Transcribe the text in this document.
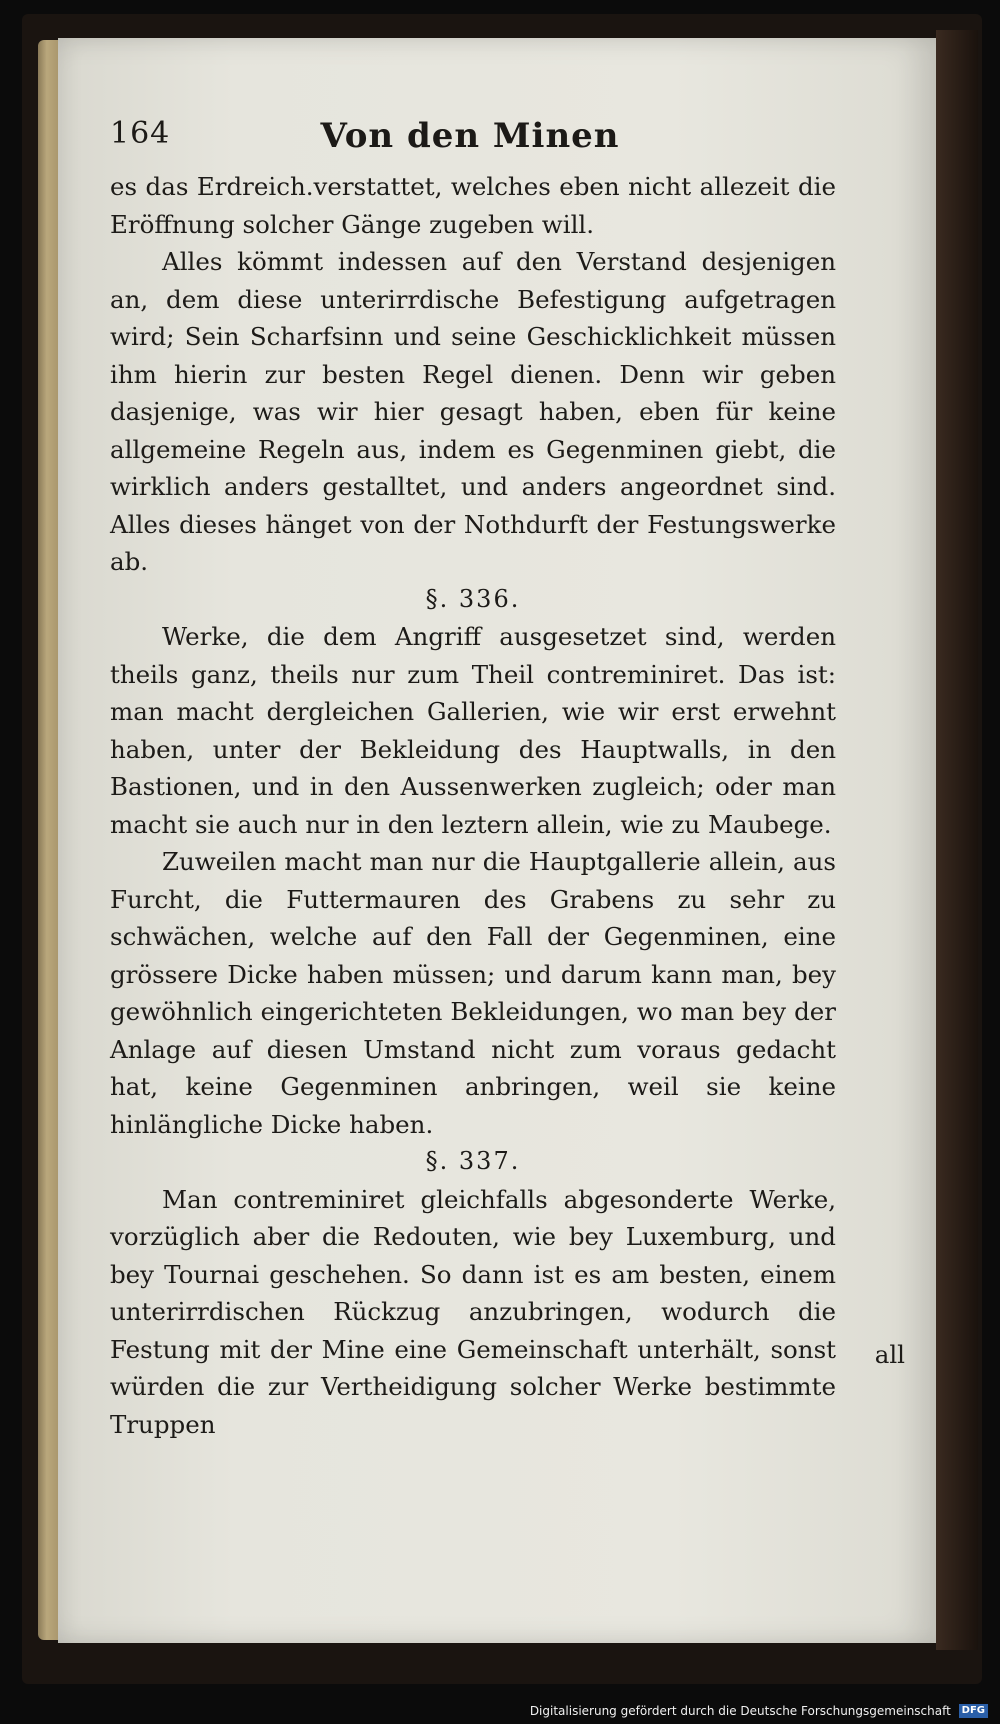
164	Von den Minen

es das Erdreich.verstattet, welches eben nicht allezeit die Eröffnung solcher Gänge zugeben will.

Alles kömmt indessen auf den Verstand desjenigen an, dem diese unterirrdische Befestigung aufgetragen wird; Sein Scharfsinn und seine Geschicklichkeit müssen ihm hierin zur besten Regel dienen. Denn wir geben dasjenige, was wir hier gesagt haben, eben für keine allgemeine Regeln aus, indem es Gegenminen giebt, die wirklich anders gestalltet, und anders angeordnet sind. Alles dieses hänget von der Nothdurft der Festungswerke ab.

§. 336.

Werke, die dem Angriff ausgesetzet sind, werden theils ganz, theils nur zum Theil contreminiret. Das ist: man macht dergleichen Gallerien, wie wir erst erwehnt haben, unter der Bekleidung des Hauptwalls, in den Bastionen, und in den Aussenwerken zugleich; oder man macht sie auch nur in den leztern allein, wie zu Maubege.

Zuweilen macht man nur die Hauptgallerie allein, aus Furcht, die Futtermauren des Grabens zu sehr zu schwächen, welche auf den Fall der Gegenminen, eine grössere Dicke haben müssen; und darum kann man, bey gewöhnlich eingerichteten Bekleidungen, wo man bey der Anlage auf diesen Umstand nicht zum voraus gedacht hat, keine Gegenminen anbringen, weil sie keine hinlängliche Dicke haben.

§. 337.

Man contreminiret gleichfalls abgesonderte Werke, vorzüglich aber die Redouten, wie bey Luxemburg, und bey Tournai geschehen. So dann ist es am besten, einem unterirrdischen Rückzug anzubringen, wodurch die Festung mit der Mine eine Gemeinschaft unterhält, sonst würden die zur Vertheidigung solcher Werke bestimmte Truppen

all
Digitalisierung gefördert durch die Deutsche Forschungsgemeinschaft DFG
